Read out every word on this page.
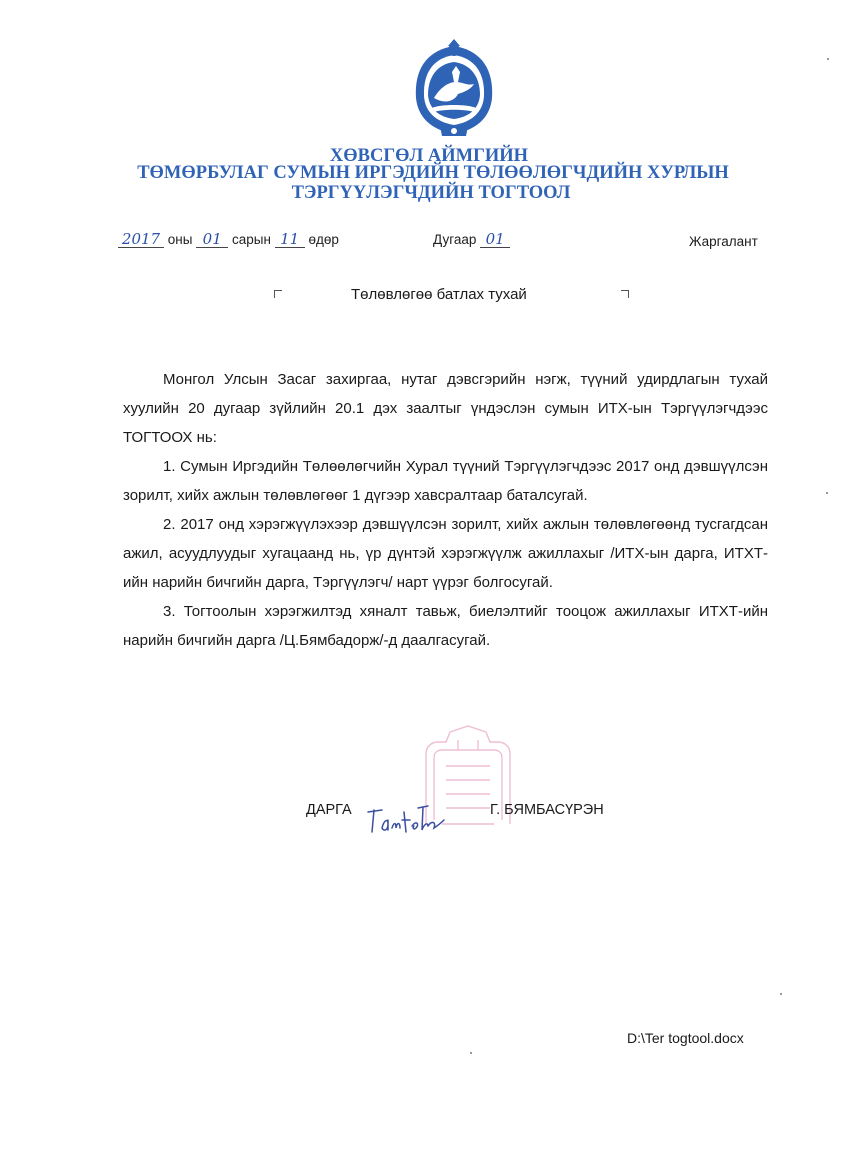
ХӨВСГӨЛ АЙМГИЙН
ТӨМӨРБУЛАГ СУМЫН ИРГЭДИЙН ТӨЛӨӨЛӨГЧДИЙН ХУРЛЫН
ТЭРГҮҮЛЭГЧДИЙН ТОГТООЛ
2017 оны 01 сарын 11 өдөр	Дугаар 01	Жаргалант
Төлөвлөгөө батлах тухай

Монгол Улсын Засаг захиргаа, нутаг дэвсгэрийн нэгж, түүний удирдлагын тухай хуулийн 20 дугаар зүйлийн 20.1 дэх заалтыг үндэслэн сумын ИТХ-ын Тэргүүлэгчдээс ТОГТООХ нь:

1. Сумын Иргэдийн Төлөөлөгчийн Хурал түүний Тэргүүлэгчдээс 2017 онд дэвшүүлсэн зорилт, хийх ажлын төлөвлөгөөг 1 дүгээр хавсралтаар баталсугай.

2. 2017 онд хэрэгжүүлэхээр дэвшүүлсэн зорилт, хийх ажлын төлөвлөгөөнд тусгагдсан ажил, асуудлуудыг хугацаанд нь, үр дүнтэй хэрэгжүүлж ажиллахыг /ИТХ-ын дарга, ИТХТ-ийн нарийн бичгийн дарга, Тэргүүлэгч/ нарт үүрэг болгосугай.

3. Тогтоолын хэрэгжилтэд хяналт тавьж, биелэлтийг тооцож ажиллахыг ИТХТ-ийн нарийн бичгийн дарга /Ц.Бямбадорж/-д даалгасугай.

ДАРГА	Г. БЯМБАСҮРЭН
D:\Ter togtool.docx
